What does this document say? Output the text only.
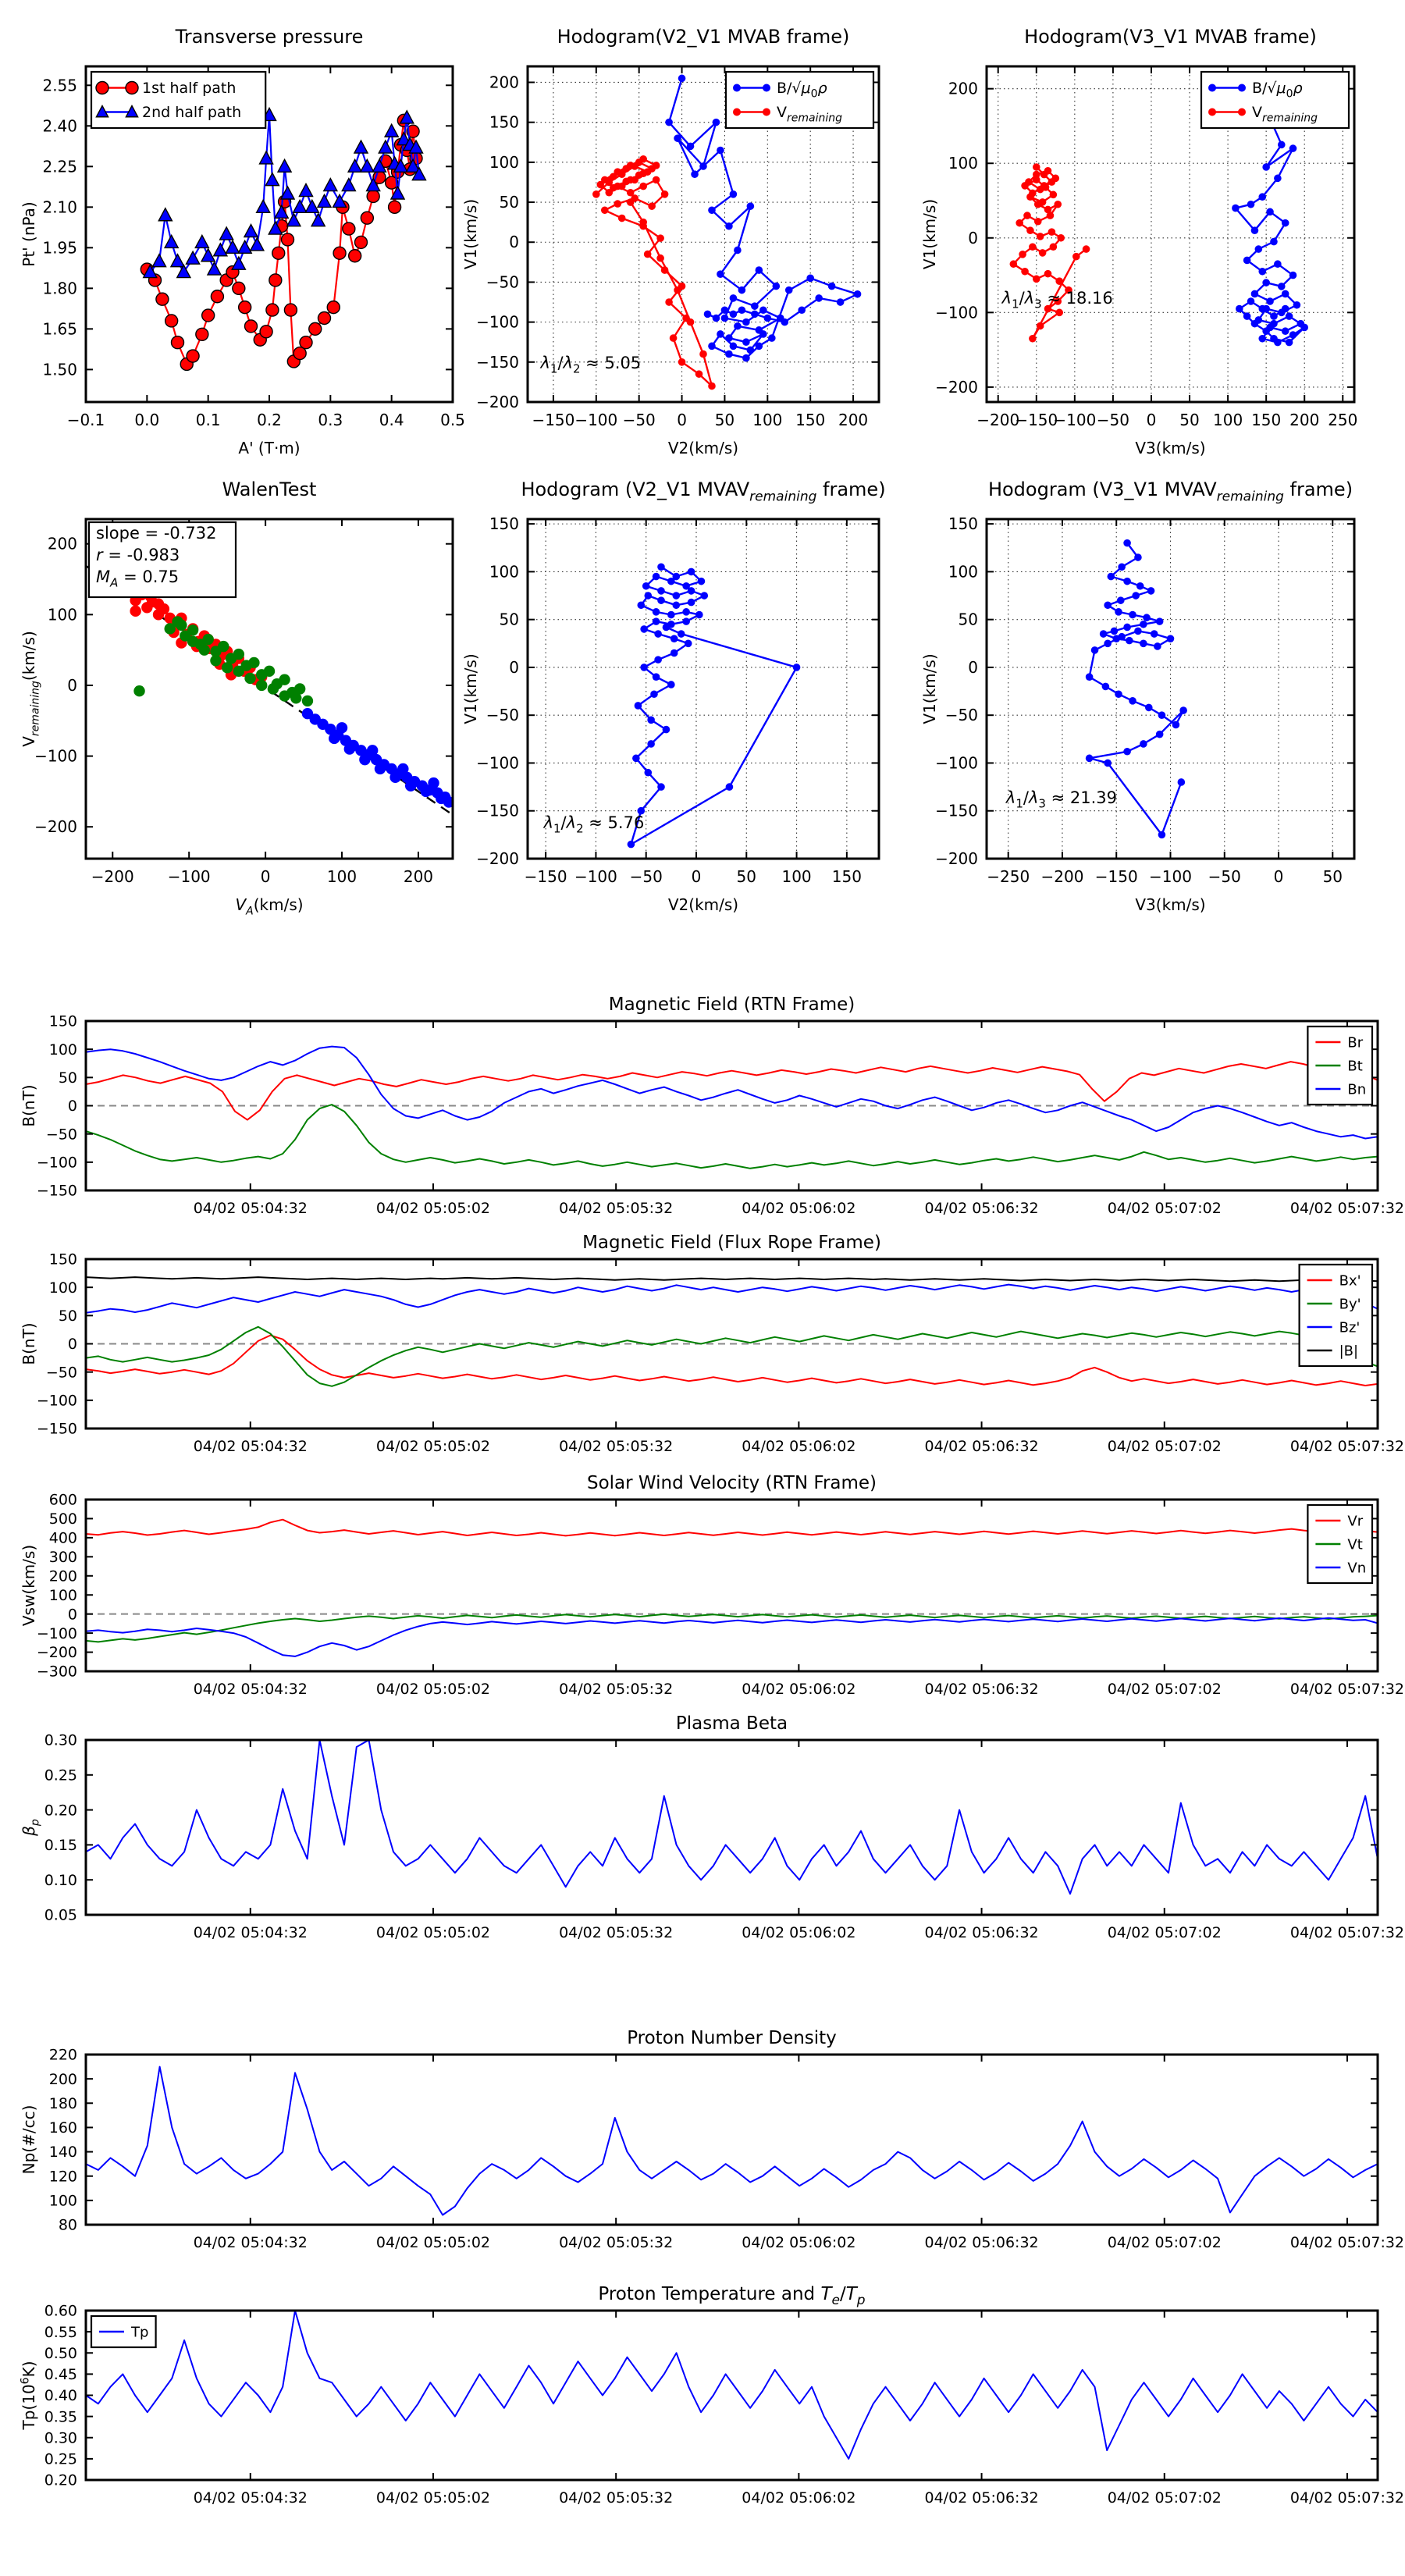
−0.1 0.0 0.1 0.2 0.3 0.4 0.5
1.50
1.65
1.80
1.95
2.10
2.25
2.40
2.55
Transverse pressure
A' (T·m)
Pt' (nPa)
1st half path
2nd half path
−150 −100 −50 0 50 100 150 200
−200
−150
−100
−50
0
50
100
150
200
Hodogram(V2_V1 MVAB frame)
V2(km/s)
V1(km/s)
$\lambda_1/\lambda_2 \approx 5.05$
$B/√\mu_0\rho$
$V_{remaining}$
−200
−150
−100 −50 0 50 100 150 200 250
−200
−100
0
100
200
Hodogram(V3_V1 MVAB frame)
V3(km/s)
V1(km/s)
$\lambda_1/\lambda_3 \approx 18.16$
$B/√\mu_0\rho$
$V_{remaining}$
−200 −100	0	100	200
−200
−100
0
100
200
WalenTest
$V_A(km/s)$
$V_{remaining}(km/s)$
slope = -0.732
r = -0.983
$M_A = 0.75$
−150 −100 −50 0 50 100 150
−200
−150
−100
−50
0
50
100
150
Hodogram (V2_V1 $MVAV_{remaining}$ frame)
V2(km/s)
V1(km/s)
$\lambda_1/\lambda_2 \approx 5.76$
−250 −200 −150 −100 −50 0	50
−200
−150
−100
−50
0
50
100
150
Hodogram (V3_V1 $MVAV_{remaining}$ frame)
V3(km/s)
V1(km/s)
$\lambda_1/\lambda_3 \approx 21.39$
04/02 05:04:32	04/02 05:05:02	04/02 05:05:32	04/02 05:06:02	04/02 05:06:32	04/02 05:07:02	04/02 05:07:32
−150
−100
−50
0
50
100
150
Magnetic Field (RTN Frame)
B(nT)
Br
Bt
Bn
04/02 05:04:32	04/02 05:05:02	04/02 05:05:32	04/02 05:06:02	04/02 05:06:32	04/02 05:07:02	04/02 05:07:32
−150
−100
−50
0
50
100
150
Magnetic Field (Flux Rope Frame)
B(nT)
Bx'
By'
Bz'
|B|
04/02 05:04:32	04/02 05:05:02	04/02 05:05:32	04/02 05:06:02	04/02 05:06:32	04/02 05:07:02	04/02 05:07:32
−300
−200
−100
0
100
200
300
400
500
600
Solar Wind Velocity (RTN Frame)
Vsw(km/s)
Vr
Vt
Vn
04/02 05:04:32	04/02 05:05:02	04/02 05:05:32	04/02 05:06:02	04/02 05:06:32	04/02 05:07:02	04/02 05:07:32
0.05
0.10
0.15
0.20
0.25
0.30
Plasma Beta
$\beta_p$
04/02 05:04:32	04/02 05:05:02	04/02 05:05:32	04/02 05:06:02	04/02 05:06:32	04/02 05:07:02	04/02 05:07:32
80
100
120
140
160
180
200
220
Proton Number Density
Np(#/cc)
04/02 05:04:32	04/02 05:05:02	04/02 05:05:32	04/02 05:06:02	04/02 05:06:32	04/02 05:07:02	04/02 05:07:32
0.20
0.25
0.30
0.35
0.40
0.45
0.50
0.55
0.60
Proton Temperature and $T_e/T_p$
$Tp(10^6K)$
Tp
